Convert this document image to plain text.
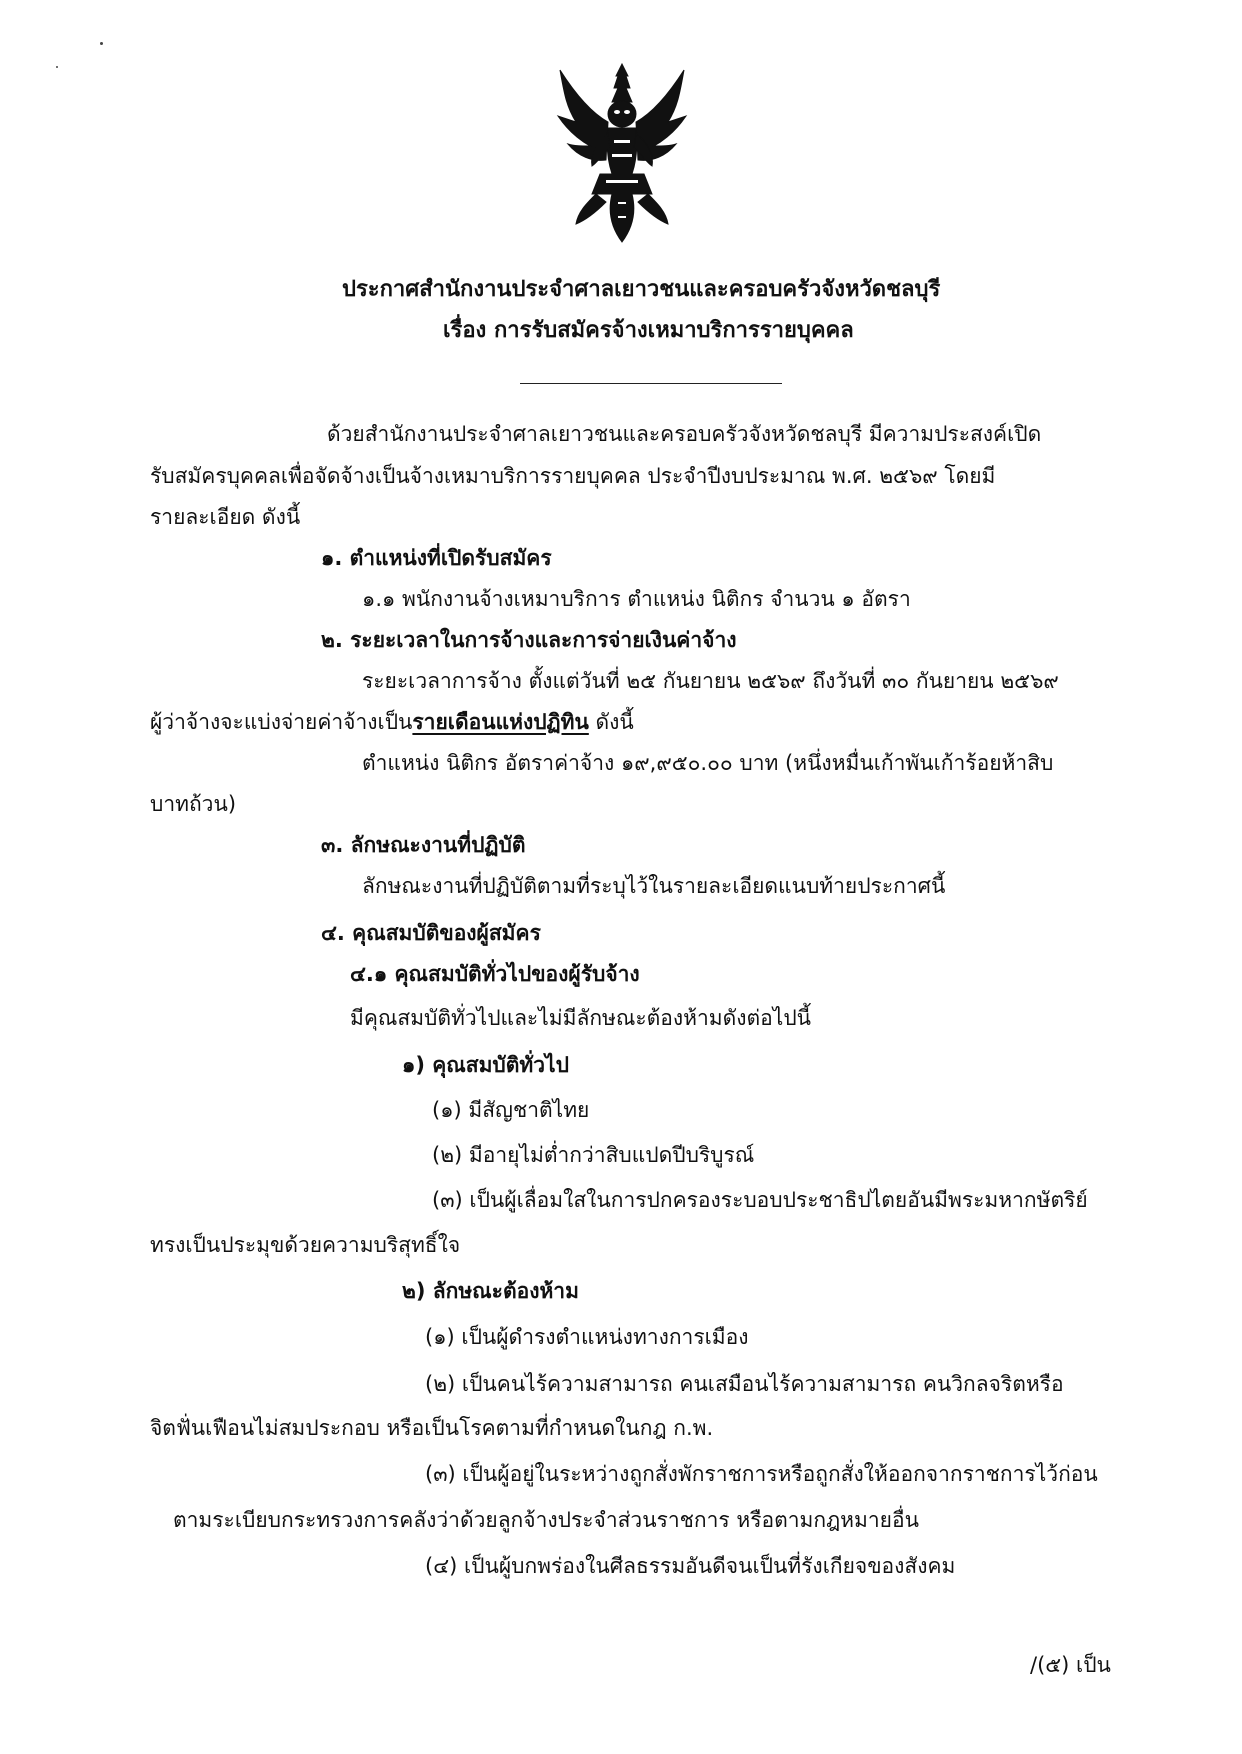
ประกาศสำนักงานประจำศาลเยาวชนและครอบครัวจังหวัดชลบุรี
เรื่อง การรับสมัครจ้างเหมาบริการรายบุคคล
ด้วยสำนักงานประจำศาลเยาวชนและครอบครัวจังหวัดชลบุรี มีความประสงค์เปิด
รับสมัครบุคคลเพื่อจัดจ้างเป็นจ้างเหมาบริการรายบุคคล ประจำปีงบประมาณ พ.ศ. ๒๕๖๙ โดยมี
รายละเอียด ดังนี้
๑. ตำแหน่งที่เปิดรับสมัคร
๑.๑ พนักงานจ้างเหมาบริการ ตำแหน่ง นิติกร จำนวน ๑ อัตรา
๒. ระยะเวลาในการจ้างและการจ่ายเงินค่าจ้าง
ระยะเวลาการจ้าง ตั้งแต่วันที่ ๒๕ กันยายน ๒๕๖๙ ถึงวันที่ ๓๐ กันยายน ๒๕๖๙
ผู้ว่าจ้างจะแบ่งจ่ายค่าจ้างเป็นรายเดือนแห่งปฏิทิน ดังนี้
ตำแหน่ง นิติกร อัตราค่าจ้าง ๑๙,๙๕๐.๐๐ บาท (หนึ่งหมื่นเก้าพันเก้าร้อยห้าสิบ
บาทถ้วน)
๓. ลักษณะงานที่ปฏิบัติ
ลักษณะงานที่ปฏิบัติตามที่ระบุไว้ในรายละเอียดแนบท้ายประกาศนี้
๔. คุณสมบัติของผู้สมัคร
๔.๑ คุณสมบัติทั่วไปของผู้รับจ้าง
มีคุณสมบัติทั่วไปและไม่มีลักษณะต้องห้ามดังต่อไปนี้
๑) คุณสมบัติทั่วไป
(๑) มีสัญชาติไทย
(๒) มีอายุไม่ต่ำกว่าสิบแปดปีบริบูรณ์
(๓) เป็นผู้เลื่อมใสในการปกครองระบอบประชาธิปไตยอันมีพระมหากษัตริย์
ทรงเป็นประมุขด้วยความบริสุทธิ์ใจ
๒) ลักษณะต้องห้าม
(๑) เป็นผู้ดำรงตำแหน่งทางการเมือง
(๒) เป็นคนไร้ความสามารถ คนเสมือนไร้ความสามารถ คนวิกลจริตหรือ
จิตฟั่นเฟือนไม่สมประกอบ หรือเป็นโรคตามที่กำหนดในกฎ ก.พ.
(๓) เป็นผู้อยู่ในระหว่างถูกสั่งพักราชการหรือถูกสั่งให้ออกจากราชการไว้ก่อน
ตามระเบียบกระทรวงการคลังว่าด้วยลูกจ้างประจำส่วนราชการ หรือตามกฎหมายอื่น
(๔) เป็นผู้บกพร่องในศีลธรรมอันดีจนเป็นที่รังเกียจของสังคม
/(๕) เป็น
